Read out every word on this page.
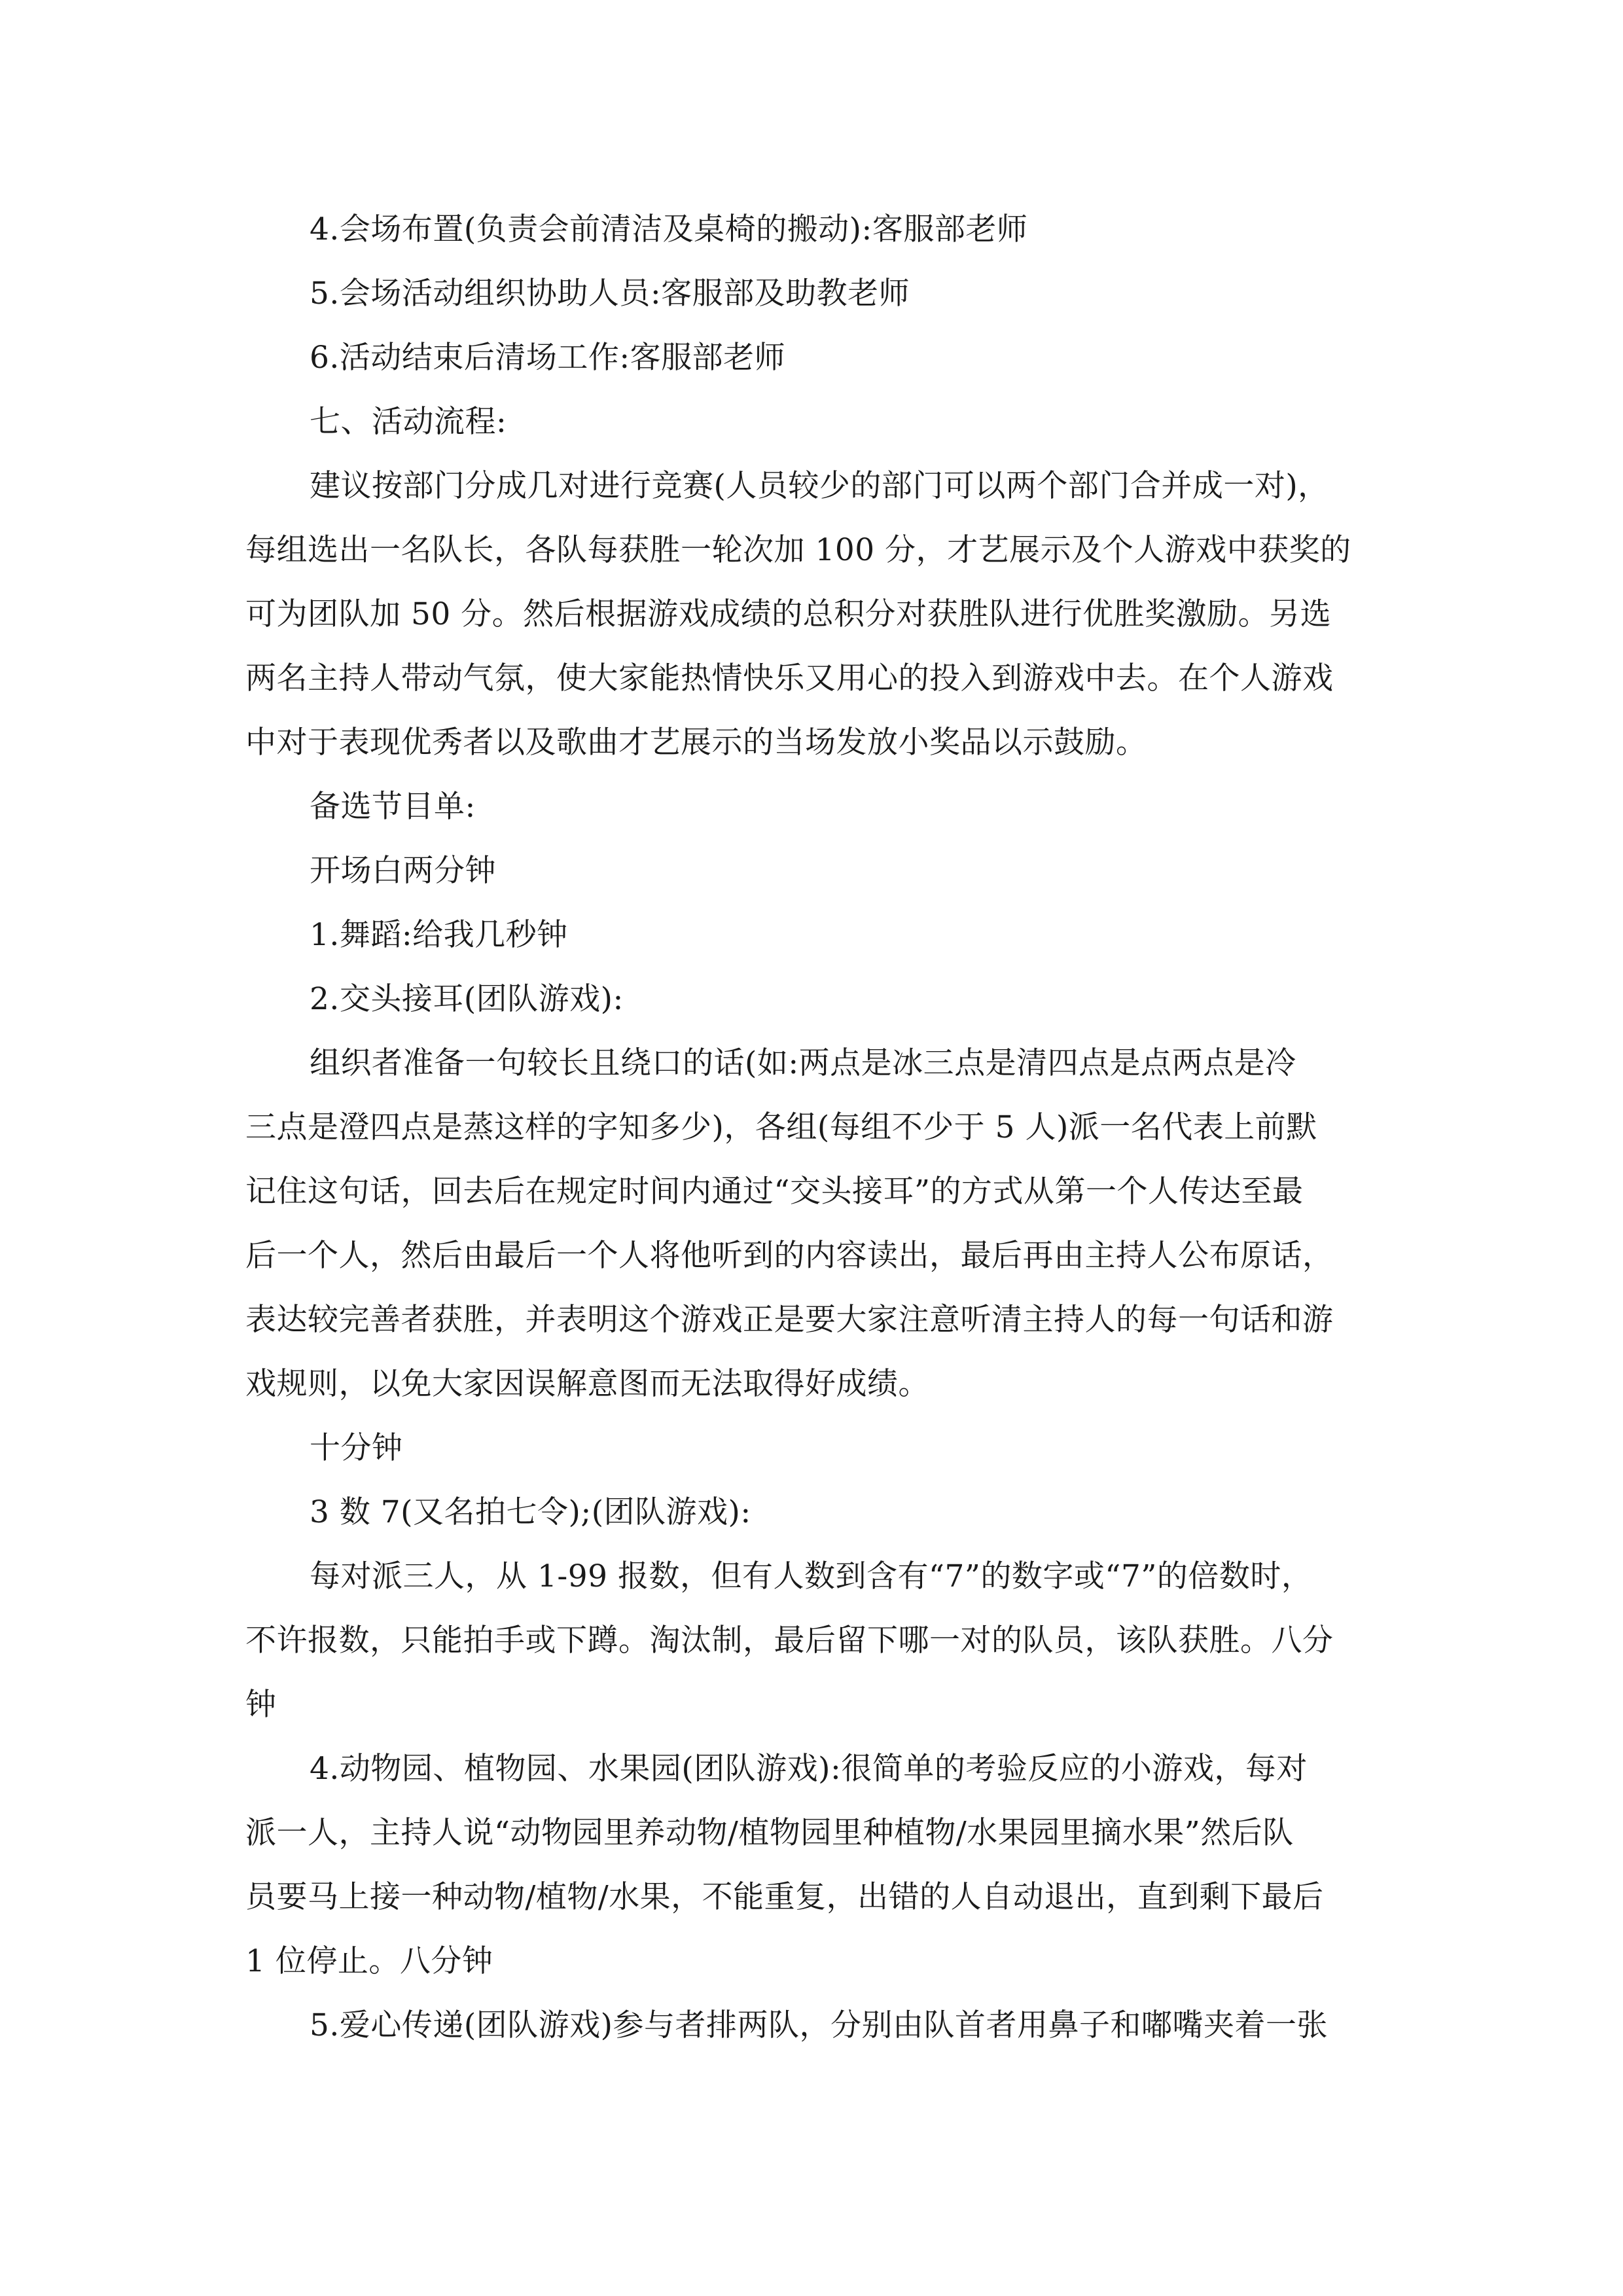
4.会场布置(负责会前清洁及桌椅的搬动):客服部老师

5.会场活动组织协助人员:客服部及助教老师

6.活动结束后清场工作:客服部老师

七、活动流程:

建议按部门分成几对进行竞赛(人员较少的部门可以两个部门合并成一对)，
每组选出一名队长，各队每获胜一轮次加 100 分，才艺展示及个人游戏中获奖的
可为团队加 50 分。然后根据游戏成绩的总积分对获胜队进行优胜奖激励。另选
两名主持人带动气氛，使大家能热情快乐又用心的投入到游戏中去。在个人游戏
中对于表现优秀者以及歌曲才艺展示的当场发放小奖品以示鼓励。

备选节目单:

开场白两分钟

1.舞蹈:给我几秒钟

2.交头接耳(团队游戏):

组织者准备一句较长且绕口的话(如:两点是冰三点是清四点是点两点是冷
三点是澄四点是蒸这样的字知多少)，各组(每组不少于 5 人)派一名代表上前默
记住这句话，回去后在规定时间内通过“交头接耳”的方式从第一个人传达至最
后一个人，然后由最后一个人将他听到的内容读出，最后再由主持人公布原话，
表达较完善者获胜，并表明这个游戏正是要大家注意听清主持人的每一句话和游
戏规则，以免大家因误解意图而无法取得好成绩。

十分钟

3 数 7(又名拍七令);(团队游戏):

每对派三人，从 1-99 报数，但有人数到含有“7”的数字或“7”的倍数时，
不许报数，只能拍手或下蹲。淘汰制，最后留下哪一对的队员，该队获胜。八分
钟

4.动物园、植物园、水果园(团队游戏):很简单的考验反应的小游戏，每对
派一人，主持人说“动物园里养动物/植物园里种植物/水果园里摘水果”然后队
员要马上接一种动物/植物/水果，不能重复，出错的人自动退出，直到剩下最后
1 位停止。八分钟

5.爱心传递(团队游戏)参与者排两队，分别由队首者用鼻子和嘟嘴夹着一张
